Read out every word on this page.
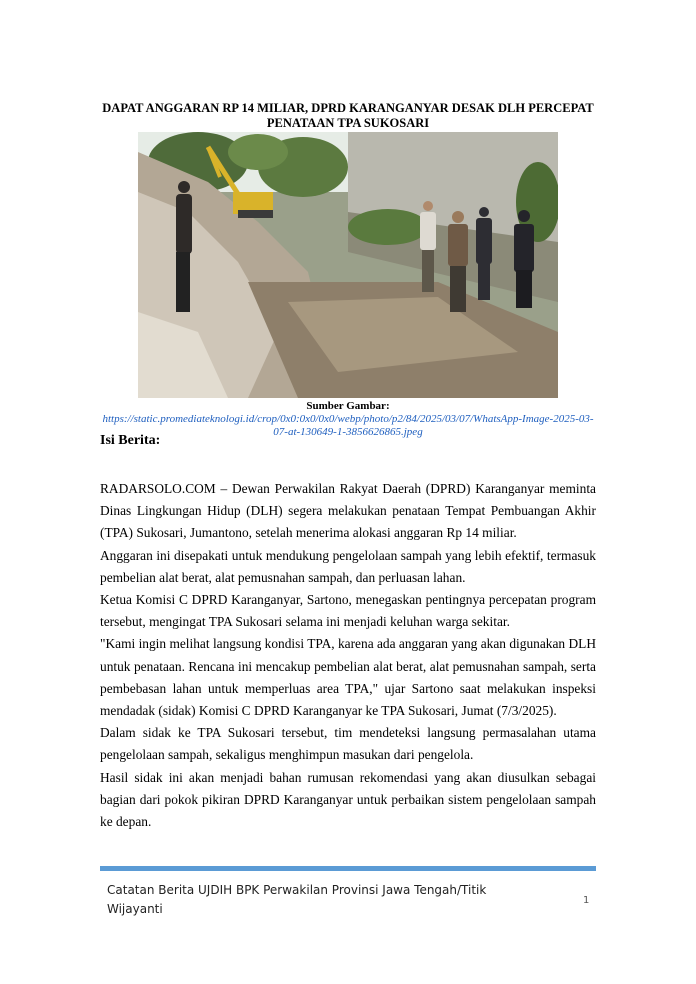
DAPAT ANGGARAN RP 14 MILIAR, DPRD KARANGANYAR DESAK DLH PERCEPAT PENATAAN TPA SUKOSARI
Sumber Gambar:
https://static.promediateknologi.id/crop/0x0:0x0/0x0/webp/photo/p2/84/2025/03/07/WhatsApp-Image-2025-03-07-at-130649-1-3856626865.jpeg
Isi Berita:

RADARSOLO.COM – Dewan Perwakilan Rakyat Daerah (DPRD) Karanganyar meminta Dinas Lingkungan Hidup (DLH) segera melakukan penataan Tempat Pembuangan Akhir (TPA) Sukosari, Jumantono, setelah menerima alokasi anggaran Rp 14 miliar.

Anggaran ini disepakati untuk mendukung pengelolaan sampah yang lebih efektif, termasuk pembelian alat berat, alat pemusnahan sampah, dan perluasan lahan.

Ketua Komisi C DPRD Karanganyar, Sartono, menegaskan pentingnya percepatan program tersebut, mengingat TPA Sukosari selama ini menjadi keluhan warga sekitar.

"Kami ingin melihat langsung kondisi TPA, karena ada anggaran yang akan digunakan DLH untuk penataan. Rencana ini mencakup pembelian alat berat, alat pemusnahan sampah, serta pembebasan lahan untuk memperluas area TPA," ujar Sartono saat melakukan inspeksi mendadak (sidak) Komisi C DPRD Karanganyar ke TPA Sukosari, Jumat (7/3/2025).

Dalam sidak ke TPA Sukosari tersebut, tim mendeteksi langsung permasalahan utama pengelolaan sampah, sekaligus menghimpun masukan dari pengelola.

Hasil sidak ini akan menjadi bahan rumusan rekomendasi yang akan diusulkan sebagai bagian dari pokok pikiran DPRD Karanganyar untuk perbaikan sistem pengelolaan sampah ke depan.

Catatan Berita UJDIH BPK Perwakilan Provinsi Jawa Tengah/Titik Wijayanti
1
